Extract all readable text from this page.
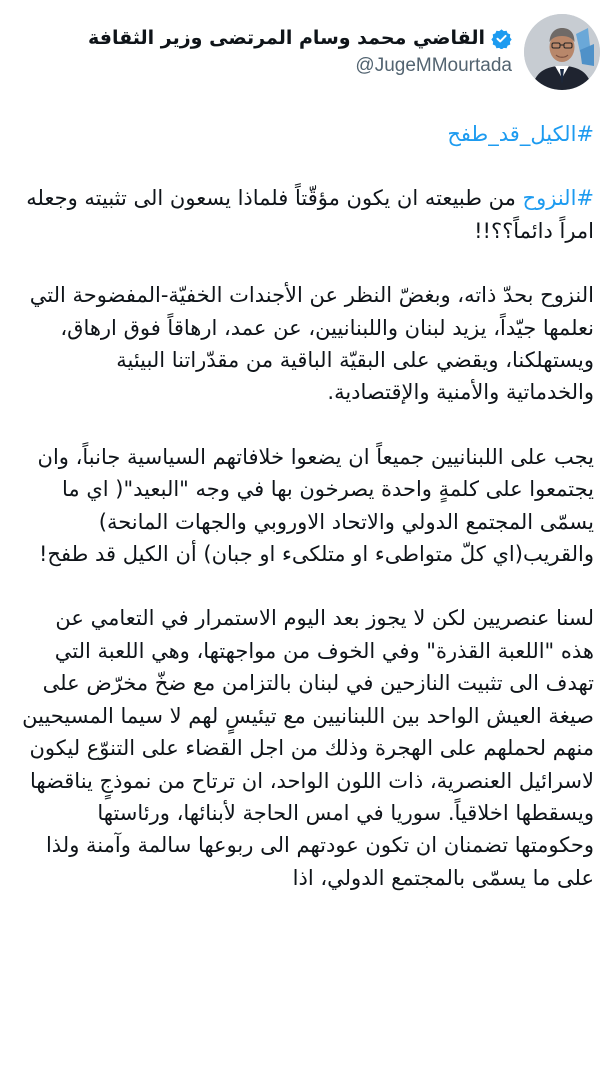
القاضي محمد وسام المرتضى وزير الثقافة
@JugeMMourtada

#الكيل_قد_طفح

#النزوح من طبيعته ان يكون مؤقّتاً فلماذا يسعون الى تثبيته وجعله امراً دائماً؟؟!!

النزوح بحدّ ذاته، وبغضّ النظر عن الأجندات الخفيّة-المفضوحة التي نعلمها جيّداً، يزيد لبنان واللبنانيين، عن عمد، ارهاقاً فوق ارهاق، ويستهلكنا، ويقضي على البقيّة الباقية من مقدّراتنا البيئية والخدماتية والأمنية والإقتصادية.

يجب على اللبنانيين جميعاً ان يضعوا خلافاتهم السياسية جانباً، وان يجتمعوا على كلمةٍ واحدة يصرخون بها في وجه "البعيد"( اي ما يسمّى المجتمع الدولي والاتحاد الاوروبي والجهات المانحة) والقريب(اي كلّ متواطىء او متلكىء او جبان) أن الكيل قد طفح!

لسنا عنصريين لكن لا يجوز بعد اليوم الاستمرار في التعامي عن هذه "اللعبة القذرة" وفي الخوف من مواجهتها، وهي اللعبة التي تهدف الى تثبيت النازحين في لبنان بالتزامن مع ضخّ مخرّض على صيغة العيش الواحد بين اللبنانيين مع تيئيسٍ لهم لا سيما المسيحيين منهم لحملهم على الهجرة وذلك من اجل القضاء على التنوّع ليكون لاسرائيل العنصرية، ذات اللون الواحد، ان ترتاح من نموذجٍ يناقضها ويسقطها اخلاقياً. سوريا في امس الحاجة لأبنائها، ورئاستها وحكومتها تضمنان ان تكون عودتهم الى ربوعها سالمة وآمنة ولذا على ما يسمّى بالمجتمع الدولي، اذا
